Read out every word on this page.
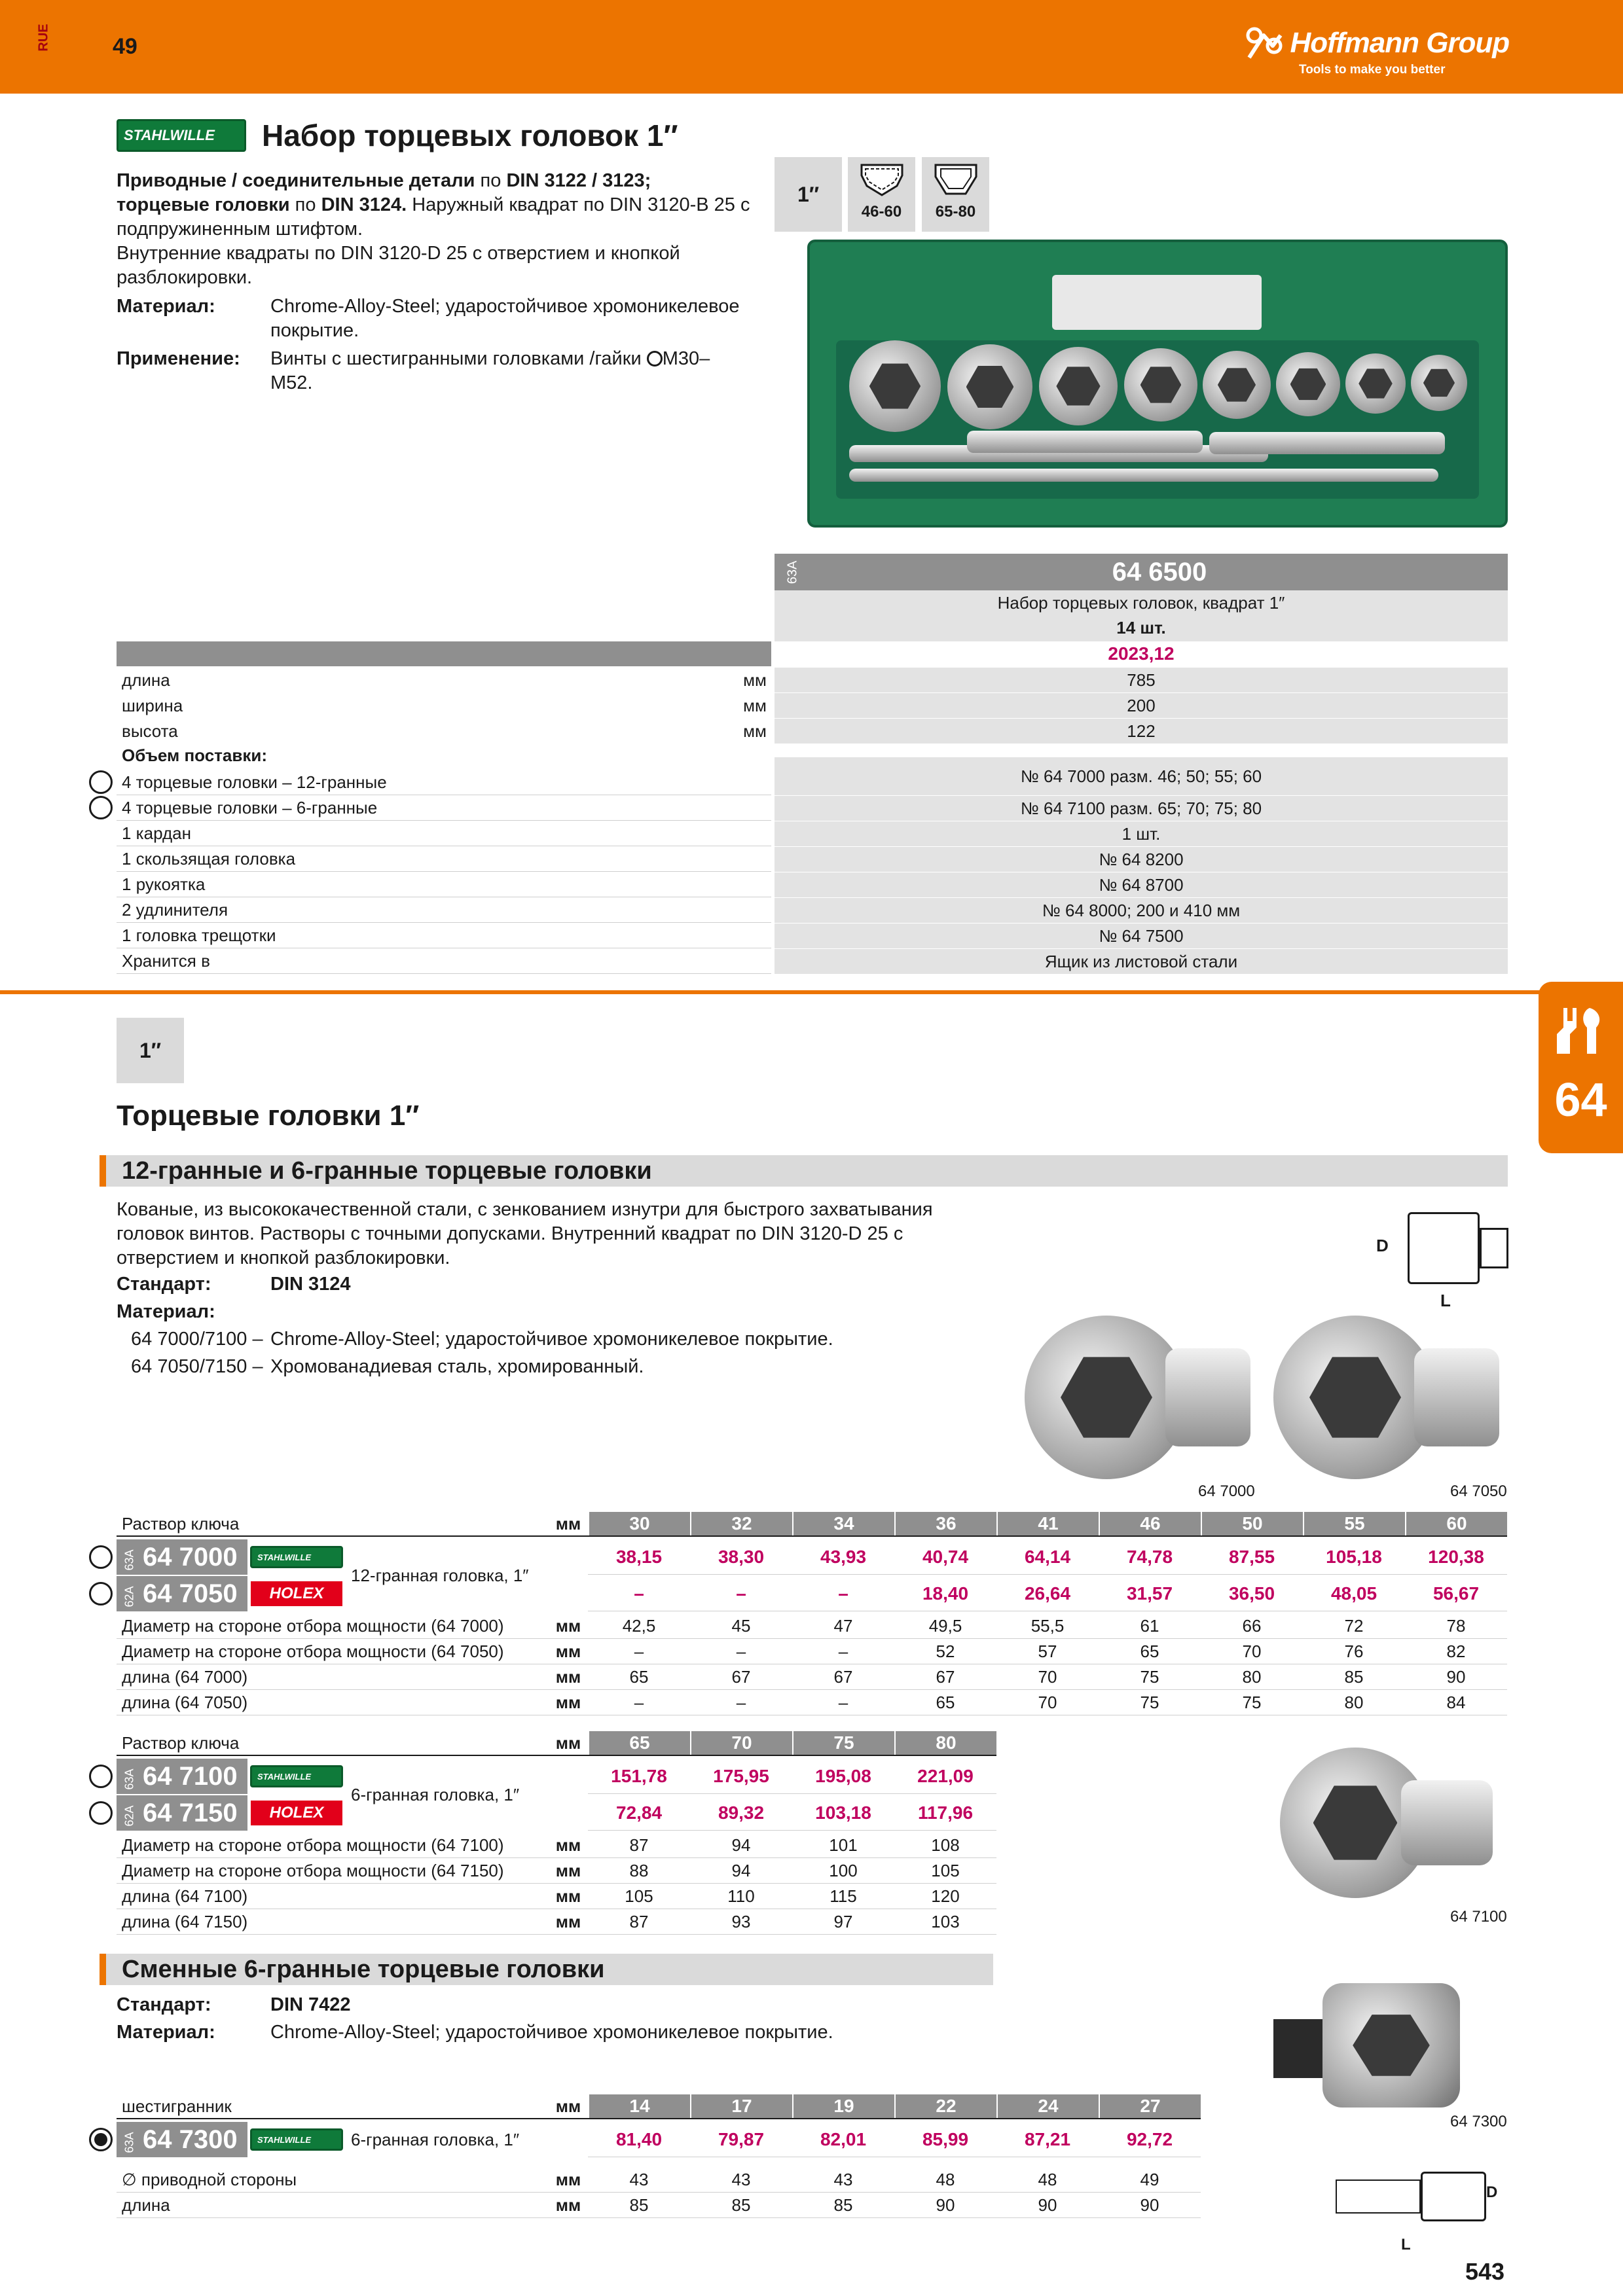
RUE	49	Hoffmann Group
Tools to make you better
STAHLWILLE Набор торцевых головок 1″
Приводные / соединительные детали по DIN 3122 / 3123;
торцевые головки по DIN 3124. Наружный квадрат по DIN 3120-B 25 с
подпружиненным штифтом.
Внутренние квадраты по DIN 3120-D 25 с отверстием и кнопкой
разблокировки.
Материал:	Chrome-Alloy-Steel; ударостойчивое хромоникелевое
покрытие.
Применение: Винты с шестигранными головками /гайки M30–
M52.
1″
46-60	65-80
63A	64 6500
Набор торцевых головок, квадрат 1″
14 шт.
2023,12
длина	мм	785
ширина	мм	200
высота	мм	122
Объем поставки:
4 торцевые головки – 12-гранные	№ 64 7000 разм. 46; 50; 55; 60
4 торцевые головки – 6-гранные	№ 64 7100 разм. 65; 70; 75; 80
1 кардан	1 шт.
1 скользящая головка	№ 64 8200
1 рукоятка	№ 64 8700
2 удлинителя	№ 64 8000; 200 и 410 мм
1 головка трещотки	№ 64 7500
Хранится в	Ящик из листовой стали
1″
Торцевые головки 1″	64
12-гранные и 6-гранные торцевые головки
Кованые, из высококачественной стали, с зенкованием изнутри для быстрого захватывания
головок винтов. Растворы с точными допусками. Внутренний квадрат по DIN 3120-D 25 с
отверстием и кнопкой разблокировки.
Стандарт:	DIN 3124
Материал:
64 7000/7100 – Chrome-Alloy-Steel; ударостойчивое хромоникелевое покрытие.
64 7050/7150 – Хромованадиевая сталь, хромированный.
D
L
64 7000	64 7050
Раствор ключа	мм	30	32	34	36	41	46	50	55	60
63A 64 7000	STAHLWILLE	38,15	38,30	43,93	40,74	64,14	74,78	87,55	105,18	120,38
62A 64 7050	HOLEX	–	–	–	18,40	26,64	31,57	36,50	48,05	56,67
12-гранная головка, 1″
Диаметр на стороне отбора мощности (64 7000)	мм	42,5	45	47	49,5	55,5	61	66	72	78
Диаметр на стороне отбора мощности (64 7050)	мм	–	–	–	52	57	65	70	76	82
длина (64 7000)	мм	65	67	67	67	70	75	80	85	90
длина (64 7050)	мм	–	–	–	65	70	75	75	80	84
Раствор ключа	мм	65	70	75	80
63A 64 7100	STAHLWILLE	151,78	175,95	195,08	221,09
62A 64 7150	HOLEX	72,84	89,32	103,18	117,96
6-гранная головка, 1″
Диаметр на стороне отбора мощности (64 7100)	мм	87	94	101	108
Диаметр на стороне отбора мощности (64 7150)	мм	88	94	100	105
длина (64 7100)	мм	105	110	115	120
длина (64 7150)	мм	87	93	97	103	64 7100
Сменные 6-гранные торцевые головки
Стандарт:	DIN 7422
Материал:	Chrome-Alloy-Steel; ударостойчивое хромоникелевое покрытие.
64 7300
шестигранник	мм	14	17	19	22	24	27
63A 64 7300	STAHLWILLE	6-гранная головка, 1″	81,40	79,87	82,01	85,99	87,21	92,72
∅ приводной стороны	мм	43	43	43	48	48	49
длина	мм	85	85	85	90	90	90
D
L
543
